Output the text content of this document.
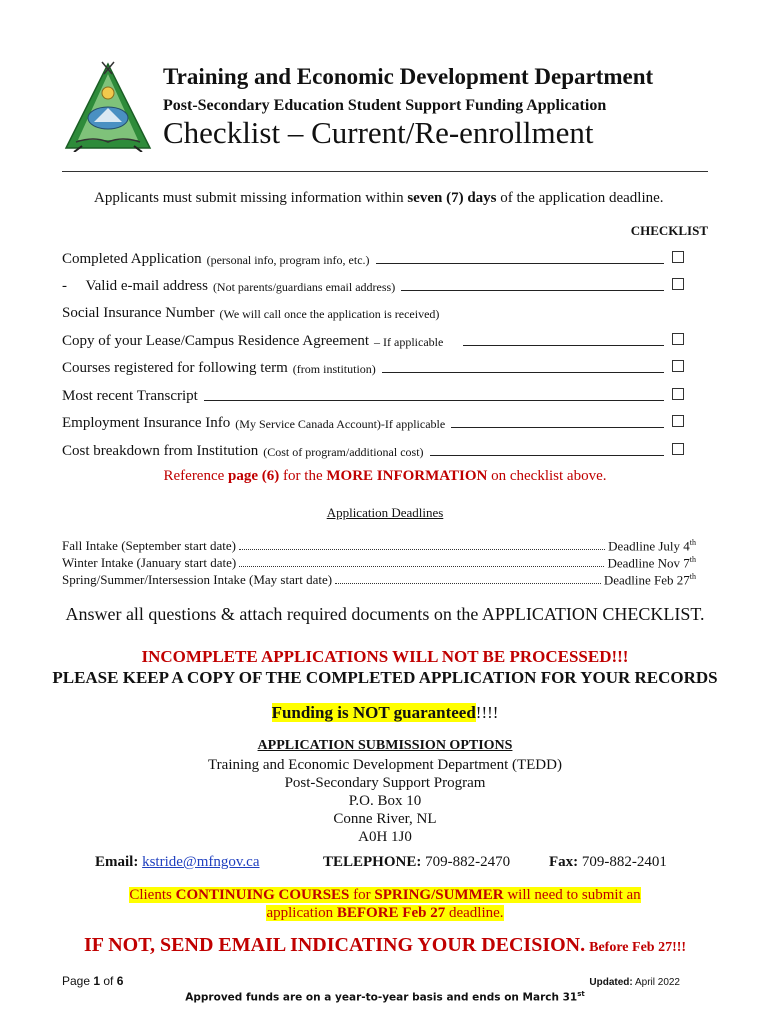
Training and Economic Development Department
Post-Secondary Education Student Support Funding Application
Checklist – Current/Re-enrollment
Applicants must submit missing information within seven (7) days of the application deadline.
CHECKLIST
Completed Application (personal info, program info, etc.)
-     Valid e-mail address (Not parents/guardians email address)
Social Insurance Number (We will call once the application is received)
Copy of your Lease/Campus Residence Agreement – If applicable
Courses registered for following term (from institution)
Most recent Transcript
Employment Insurance Info (My Service Canada Account)-If applicable
Cost breakdown from Institution (Cost of program/additional cost)
Reference page (6) for the MORE INFORMATION on checklist above.
Application Deadlines
Fall Intake (September start date)	Deadline July 4th
Winter Intake (January start date)	Deadline Nov 7th
Spring/Summer/Intersession Intake (May start date)	Deadline Feb 27th
Answer all questions & attach required documents on the APPLICATION CHECKLIST.
INCOMPLETE APPLICATIONS WILL NOT BE PROCESSED!!!
PLEASE KEEP A COPY OF THE COMPLETED APPLICATION FOR YOUR RECORDS
Funding is NOT guaranteed!!!!
APPLICATION SUBMISSION OPTIONS
Training and Economic Development Department (TEDD)
Post-Secondary Support Program
P.O. Box 10
Conne River, NL
A0H 1J0
Email: kstride@mfngov.ca	TELEPHONE: 709-882-2470	Fax: 709-882-2401
Clients CONTINUING COURSES for SPRING/SUMMER will need to submit an
application BEFORE Feb 27 deadline.
IF NOT, SEND EMAIL INDICATING YOUR DECISION. Before Feb 27!!!
Page 1 of 6	Updated: April 2022
Approved funds are on a year-to-year basis and ends on March 31st
